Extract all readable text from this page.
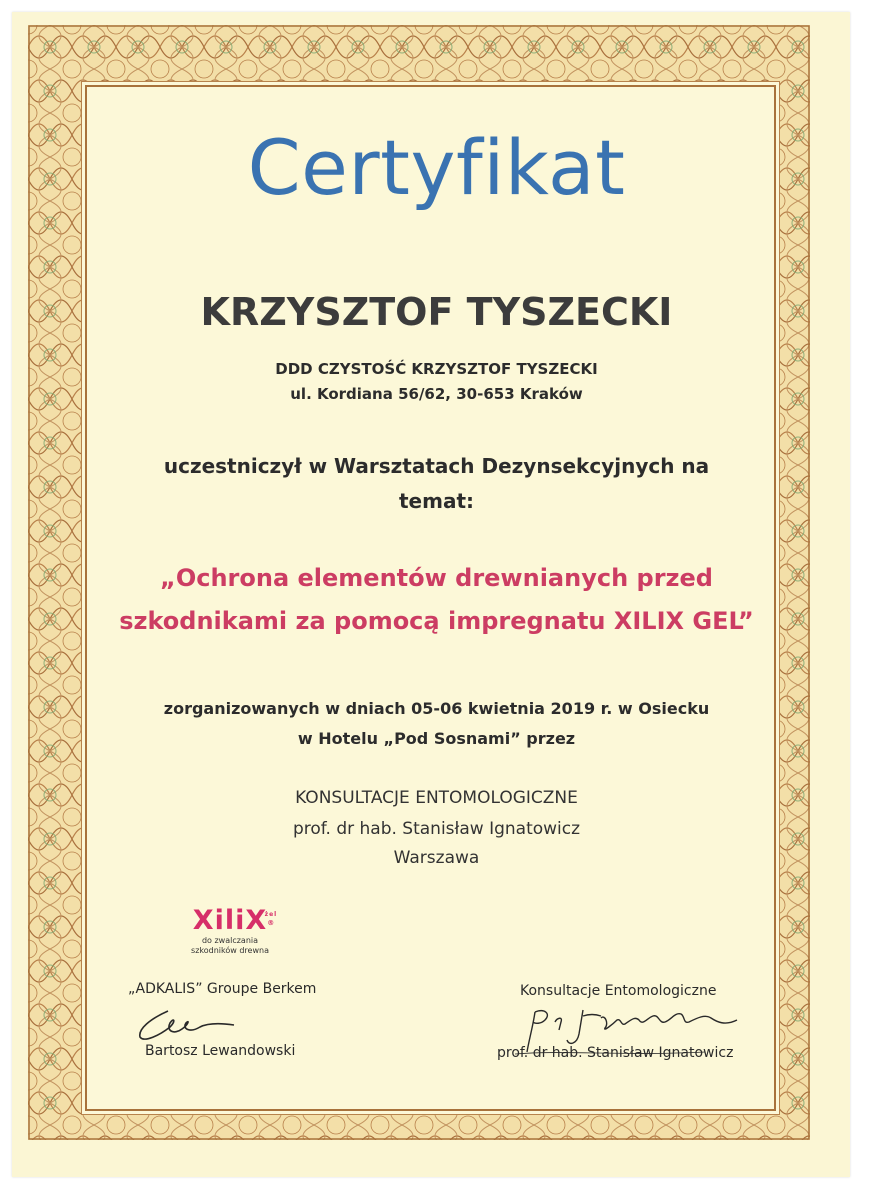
Certyfikat
KRZYSZTOF TYSZECKI
DDD CZYSTOŚĆ KRZYSZTOF TYSZECKI
ul. Kordiana 56/62, 30-653 Kraków
uczestniczył w Warsztatach Dezynsekcyjnych na
temat:
„Ochrona elementów drewnianych przed
szkodnikami za pomocą impregnatu XILIX GEL”
zorganizowanych w dniach 05-06 kwietnia 2019 r. w Osiecku
w Hotelu „Pod Sosnami” przez
KONSULTACJE ENTOMOLOGICZNE
prof. dr hab. Stanisław Ignatowicz
Warszawa
XiliX ®
żel
do zwalczania
szkodników drewna
„ADKALIS” Groupe Berkem
Bartosz Lewandowski
Konsultacje Entomologiczne
prof. dr hab. Stanisław Ignatowicz
